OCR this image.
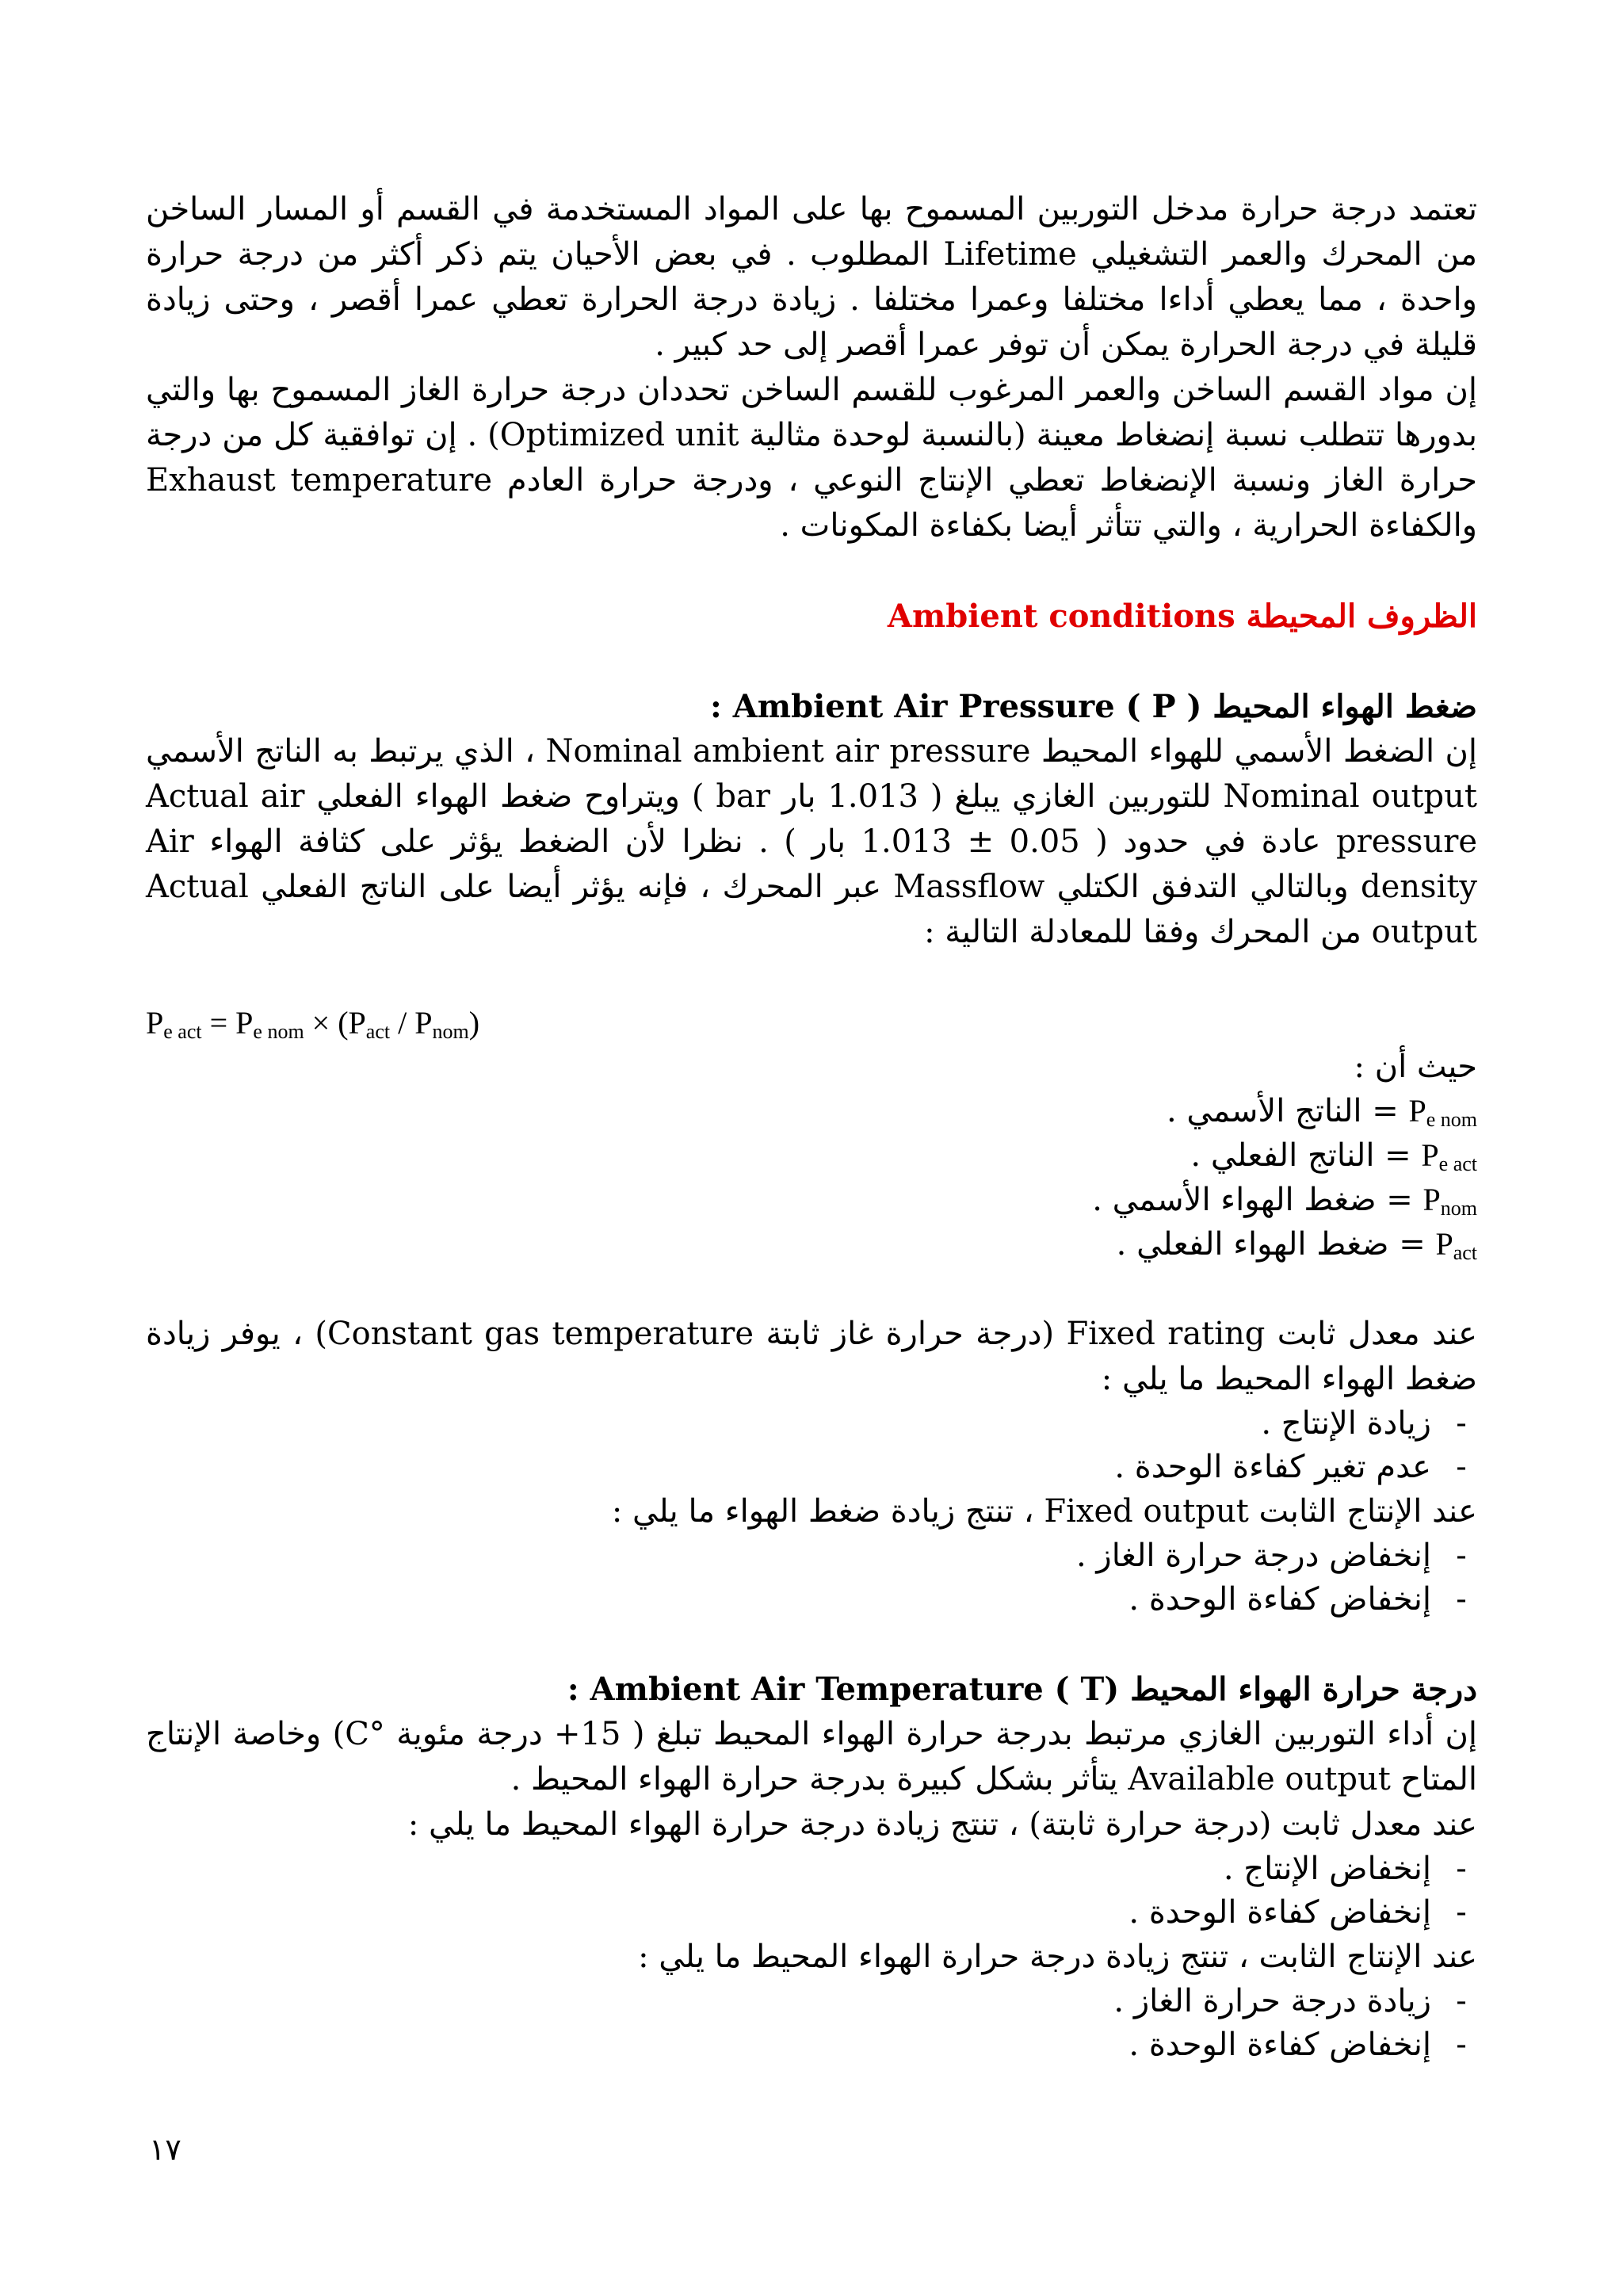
تعتمد درجة حرارة مدخل التوربين المسموح بها على المواد المستخدمة في القسم أو المسار الساخن من المحرك والعمر التشغيلي Lifetime المطلوب . في بعض الأحيان يتم ذكر أكثر من درجة حرارة واحدة ، مما يعطي أداءا مختلفا وعمرا مختلفا . زيادة درجة الحرارة تعطي عمرا أقصر ، وحتى زيادة قليلة في درجة الحرارة يمكن أن توفر عمرا أقصر إلى حد كبير .

إن مواد القسم الساخن والعمر المرغوب للقسم الساخن تحددان درجة حرارة الغاز المسموح بها والتي بدورها تتطلب نسبة إنضغاط معينة (بالنسبة لوحدة مثالية Optimized unit) . إن توافقية كل من درجة حرارة الغاز ونسبة الإنضغاط تعطي الإنتاج النوعي ، ودرجة حرارة العادم Exhaust temperature والكفاءة الحرارية ، والتي تتأثر أيضا بكفاءة المكونات .

الظروف المحيطة Ambient conditions

ضغط الهواء المحيط Ambient Air Pressure ( P ) :

إن الضغط الأسمي للهواء المحيط Nominal ambient air pressure ، الذي يرتبط به الناتج الأسمي Nominal output للتوربين الغازي يبلغ ( 1.013 بار bar ) ويتراوح ضغط الهواء الفعلي Actual air pressure عادة في حدود ( 0.05 ± 1.013 بار ) . نظرا لأن الضغط يؤثر على كثافة الهواء Air density وبالتالي التدفق الكتلي Massflow عبر المحرك ، فإنه يؤثر أيضا على الناتج الفعلي Actual output من المحرك وفقا للمعادلة التالية :

$P_{e act} = P_{e nom} \times (P_{act} / P_{nom})$

حيث أن :

$P_{e nom}$ = الناتج الأسمي .

$P_{e act}$ = الناتج الفعلي .

$P_{nom}$ = ضغط الهواء الأسمي .

$P_{act}$ = ضغط الهواء الفعلي .

عند معدل ثابت Fixed rating (درجة حرارة غاز ثابتة Constant gas temperature) ، يوفر زيادة ضغط الهواء المحيط ما يلي :

-
زيادة الإنتاج .

-
عدم تغير كفاءة الوحدة .

عند الإنتاج الثابت Fixed output ، تنتج زيادة ضغط الهواء ما يلي :

-
إنخفاض درجة حرارة الغاز .

-
إنخفاض كفاءة الوحدة .

درجة حرارة الهواء المحيط Ambient Air Temperature ( T) :

إن أداء التوربين الغازي مرتبط بدرجة حرارة الهواء المحيط تبلغ ( 15+ درجة مئوية °C) وخاصة الإنتاج المتاح Available output يتأثر بشكل كبيرة بدرجة حرارة الهواء المحيط .

عند معدل ثابت (درجة حرارة ثابتة) ، تنتج زيادة درجة حرارة الهواء المحيط ما يلي :

-
إنخفاض الإنتاج .

-
إنخفاض كفاءة الوحدة .

عند الإنتاج الثابت ، تنتج زيادة درجة حرارة الهواء المحيط ما يلي :

-
زيادة درجة حرارة الغاز .

-
إنخفاض كفاءة الوحدة .

١٧
